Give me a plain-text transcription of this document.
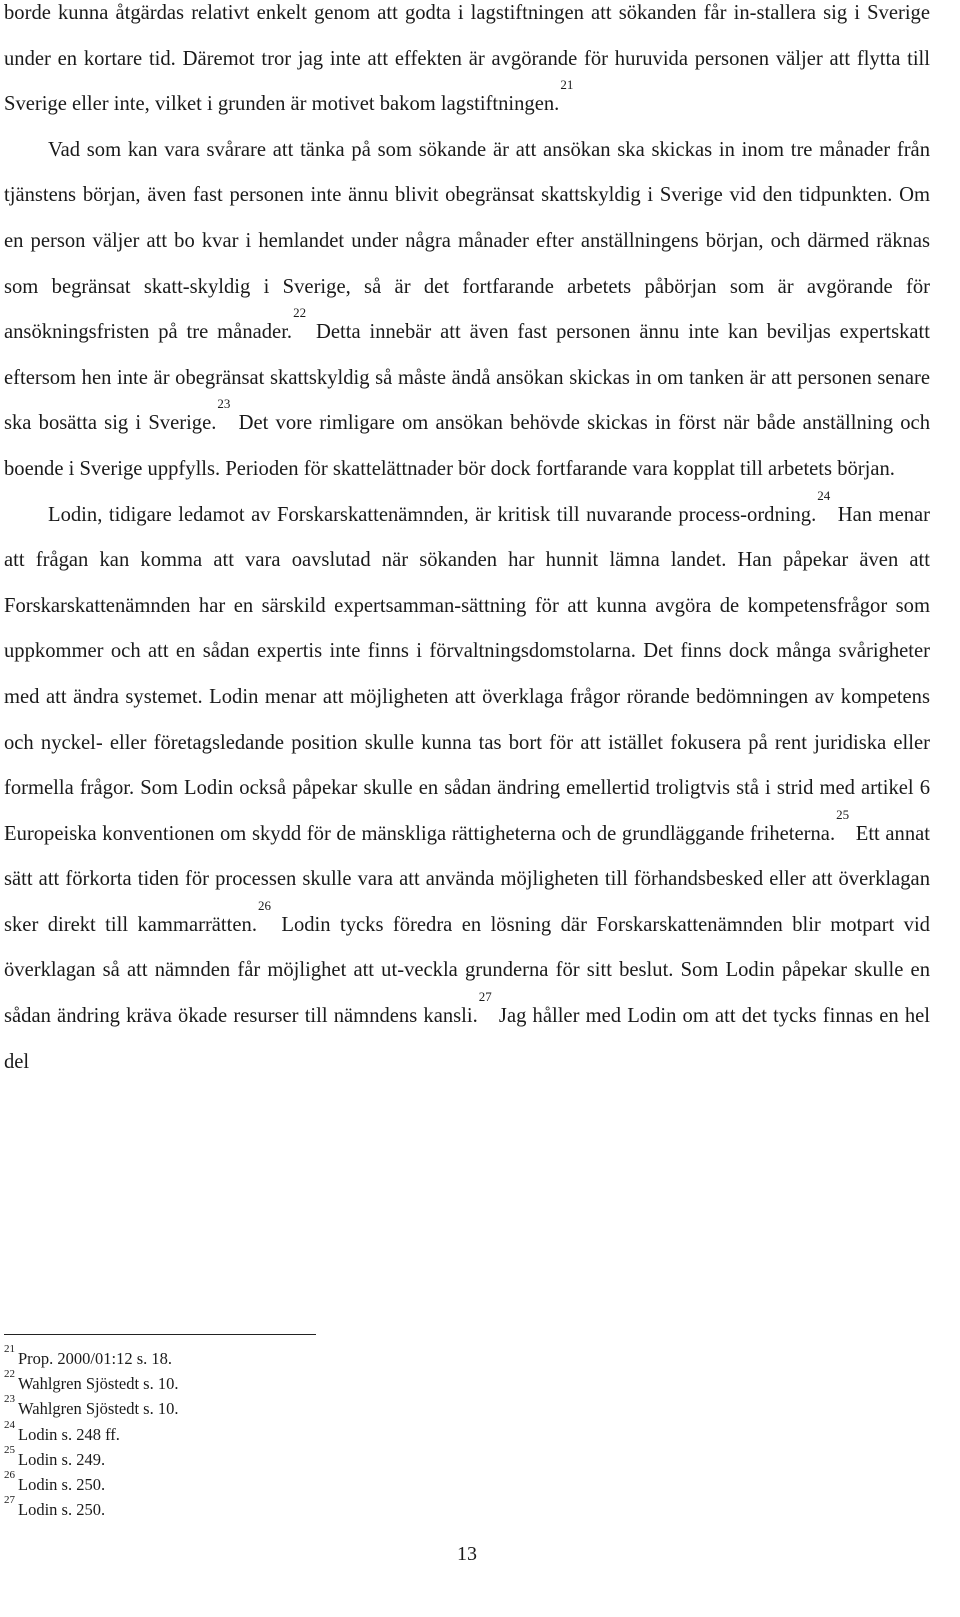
borde kunna åtgärdas relativt enkelt genom att godta i lagstiftningen att sökanden får in-stallera sig i Sverige under en kortare tid. Däremot tror jag inte att effekten är avgörande för huruvida personen väljer att flytta till Sverige eller inte, vilket i grunden är motivet bakom lagstiftningen.$^{21}$

Vad som kan vara svårare att tänka på som sökande är att ansökan ska skickas in inom tre månader från tjänstens början, även fast personen inte ännu blivit obegränsat skattskyldig i Sverige vid den tidpunkten. Om en person väljer att bo kvar i hemlandet under några månader efter anställningens början, och därmed räknas som begränsat skatt-skyldig i Sverige, så är det fortfarande arbetets påbörjan som är avgörande för ansökningsfristen på tre månader.$^{22}$ Detta innebär att även fast personen ännu inte kan beviljas expertskatt eftersom hen inte är obegränsat skattskyldig så måste ändå ansökan skickas in om tanken är att personen senare ska bosätta sig i Sverige.$^{23}$ Det vore rimligare om ansökan behövde skickas in först när både anställning och boende i Sverige uppfylls. Perioden för skattelättnader bör dock fortfarande vara kopplat till arbetets början.

Lodin, tidigare ledamot av Forskarskattenämnden, är kritisk till nuvarande process-ordning.$^{24}$ Han menar att frågan kan komma att vara oavslutad när sökanden har hunnit lämna landet. Han påpekar även att Forskarskattenämnden har en särskild expertsamman-sättning för att kunna avgöra de kompetensfrågor som uppkommer och att en sådan expertis inte finns i förvaltningsdomstolarna. Det finns dock många svårigheter med att ändra systemet. Lodin menar att möjligheten att överklaga frågor rörande bedömningen av kompetens och nyckel- eller företagsledande position skulle kunna tas bort för att istället fokusera på rent juridiska eller formella frågor. Som Lodin också påpekar skulle en sådan ändring emellertid troligtvis stå i strid med artikel 6 Europeiska konventionen om skydd för de mänskliga rättigheterna och de grundläggande friheterna.$^{25}$ Ett annat sätt att förkorta tiden för processen skulle vara att använda möjligheten till förhandsbesked eller att överklagan sker direkt till kammarrätten.$^{26}$ Lodin tycks föredra en lösning där Forskarskattenämnden blir motpart vid överklagan så att nämnden får möjlighet att ut-veckla grunderna för sitt beslut. Som Lodin påpekar skulle en sådan ändring kräva ökade resurser till nämndens kansli.$^{27}$ Jag håller med Lodin om att det tycks finnas en hel del

$^{21}$ Prop. 2000/01:12 s. 18.
$^{22}$ Wahlgren Sjöstedt s. 10.
$^{23}$ Wahlgren Sjöstedt s. 10.
$^{24}$ Lodin s. 248 ff.
$^{25}$ Lodin s. 249.
$^{26}$ Lodin s. 250.
$^{27}$ Lodin s. 250.
13
